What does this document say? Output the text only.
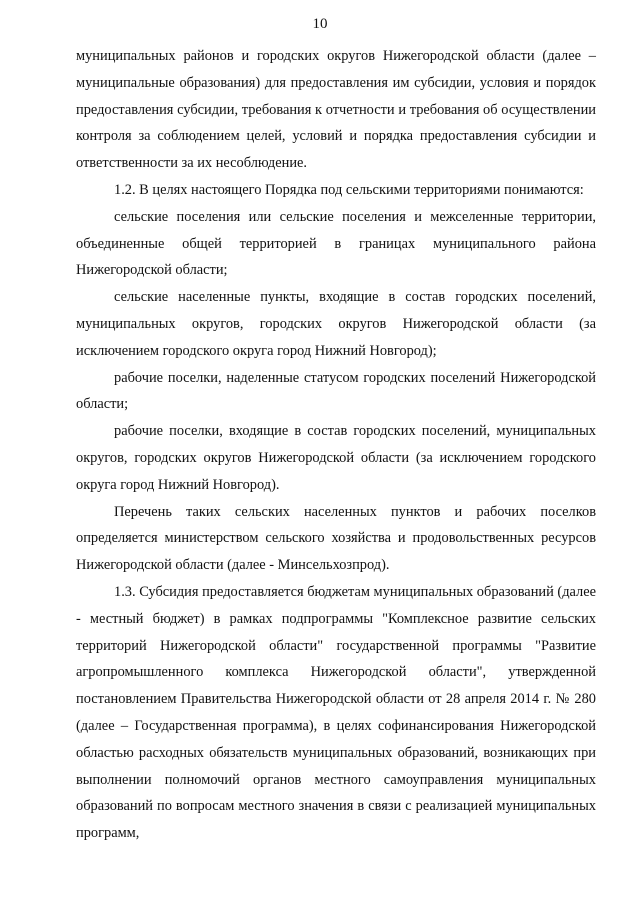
10

муниципальных районов и городских округов Нижегородской области (далее – муниципальные образования) для предоставления им субсидии, условия и порядок предоставления субсидии, требования к отчетности и требования об осуществлении контроля за соблюдением целей, условий и порядка предоставления субсидии и ответственности за их несоблюдение.

1.2. В целях настоящего Порядка под сельскими территориями понимаются:

сельские поселения или сельские поселения и межселенные территории, объединенные общей территорией в границах муниципального района Нижегородской области;

сельские населенные пункты, входящие в состав городских поселений, муниципальных округов, городских округов Нижегородской области (за исключением городского округа город Нижний Новгород);

рабочие поселки, наделенные статусом городских поселений Нижегородской области;

рабочие поселки, входящие в состав городских поселений, муниципальных округов, городских округов Нижегородской области (за исключением городского округа город Нижний Новгород).

Перечень таких сельских населенных пунктов и рабочих поселков определяется министерством сельского хозяйства и продовольственных ресурсов Нижегородской области (далее - Минсельхозпрод).

1.3. Субсидия предоставляется бюджетам муниципальных образований (далее - местный бюджет) в рамках подпрограммы "Комплексное развитие сельских территорий Нижегородской области" государственной программы "Развитие агропромышленного комплекса Нижегородской области", утвержденной постановлением Правительства Нижегородской области от 28 апреля 2014 г. № 280 (далее – Государственная программа), в целях софинансирования Нижегородской областью расходных обязательств муниципальных образований, возникающих при выполнении полномочий органов местного самоуправления муниципальных образований по вопросам местного значения в связи с реализацией муниципальных программ,
